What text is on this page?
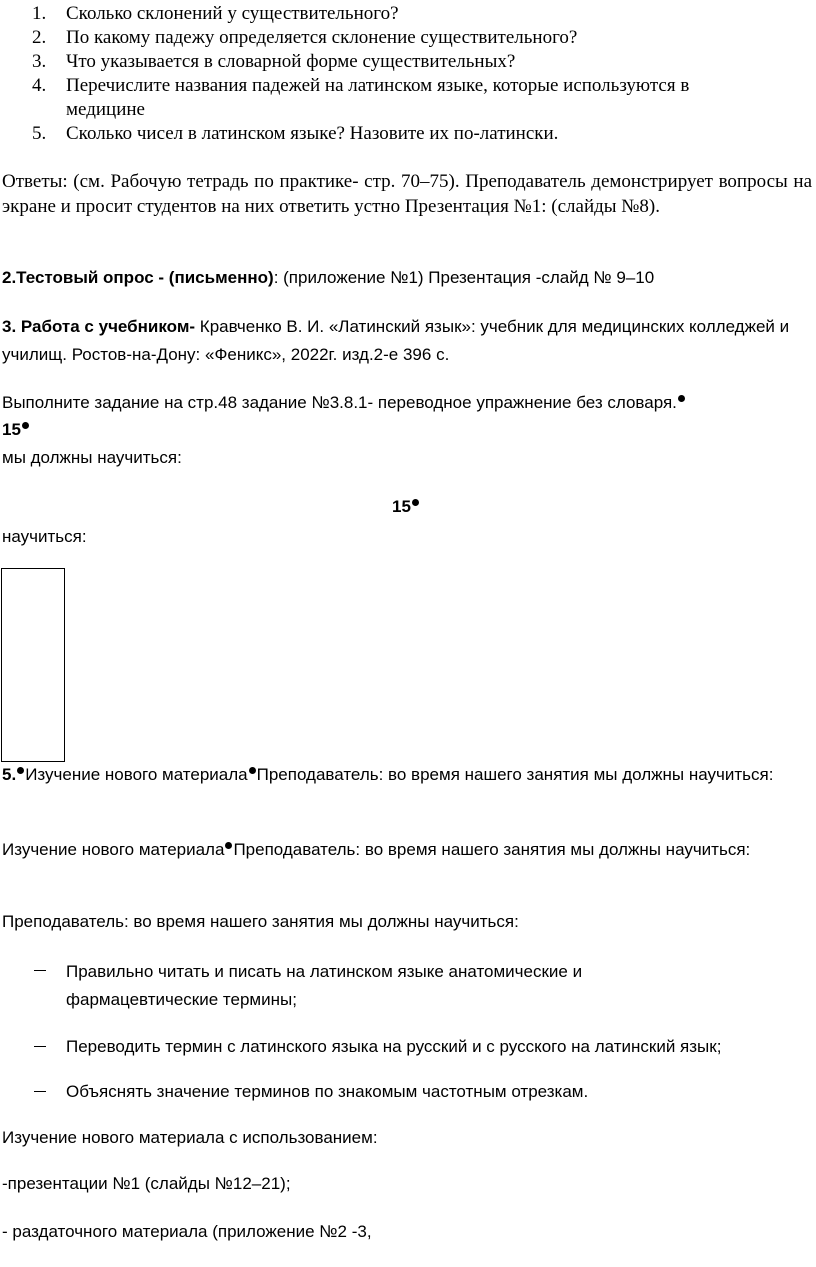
1. Сколько склонений у существительного?
2. По какому падежу определяется склонение существительного?
3. Что указывается в словарной форме существительных?
4. Перечислите названия падежей на латинском языке, которые используются в медицине
5. Сколько чисел в латинском языке? Назовите их по-латински.
Ответы: (см. Рабочую тетрадь по практике- стр. 70–75). Преподаватель демонстрирует вопросы на экране и просит студентов на них ответить устно Презентация №1: (слайды №8).
2.Тестовый опрос - (письменно): (приложение №1) Презентация -слайд № 9–10
3. Работа с учебником- Кравченко В. И. «Латинский язык»: учебник для медицинских колледжей и училищ. Ростов-на-Дону: «Феникс», 2022г. изд.2-е 396 с.
Выполните задание на стр.48 задание №3.8.1- переводное упражнение без словаря.15
мы должны научиться:
15
научиться:
5. Изучение нового материала Преподаватель: во время нашего занятия мы должны научиться:
Изучение нового материала Преподаватель: во время нашего занятия мы должны научиться:
Преподаватель: во время нашего занятия мы должны научиться:
Правильно читать и писать на латинском языке анатомические и фармацевтические термины;
Переводить термин с латинского языка на русский и с русского на латинский язык;
Объяснять значение терминов по знакомым частотным отрезкам.
Изучение нового материала с использованием:
-презентации №1 (слайды №12–21);
- раздаточного материала (приложение №2 -3,
